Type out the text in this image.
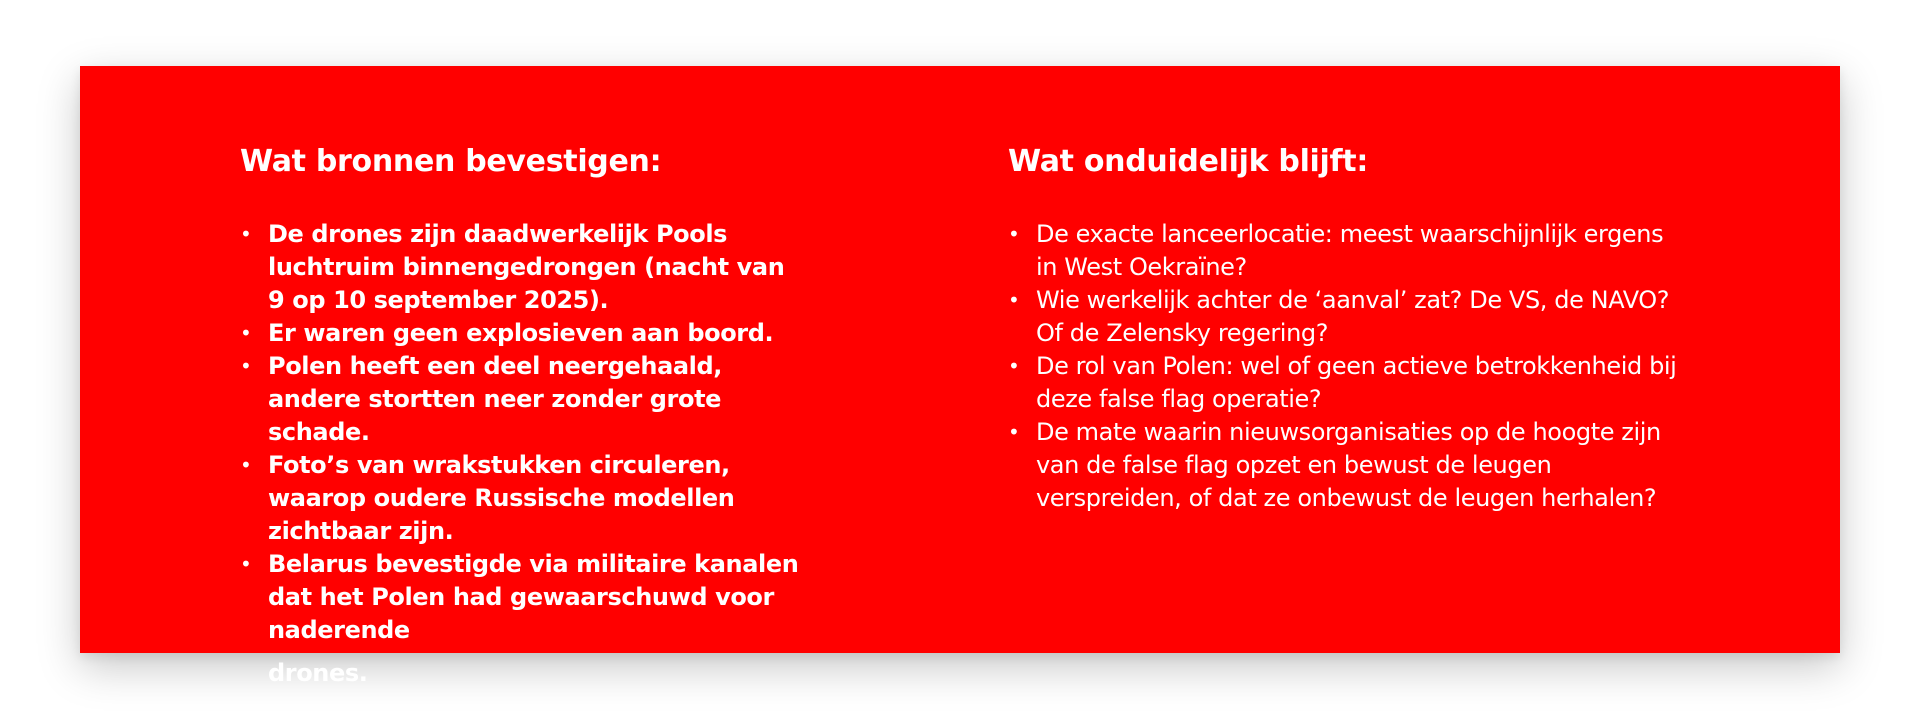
Wat bronnen bevestigen:
• De drones zijn daadwerkelijk Pools luchtruim binnengedrongen (nacht van 9 op 10 september 2025).
• Er waren geen explosieven aan boord.
• Polen heeft een deel neergehaald, andere stortten neer zonder grote schade.
• Foto’s van wrakstukken circuleren, waarop oudere Russische modellen zichtbaar zijn.
• Belarus bevestigde via militaire kanalen dat het Polen had gewaarschuwd voor naderende
drones.
Wat onduidelijk blijft:
• De exacte lanceerlocatie: meest waarschijnlijk ergens in West Oekraïne?
• Wie werkelijk achter de ‘aanval’ zat? De VS, de NAVO? Of de Zelensky regering?
• De rol van Polen: wel of geen actieve betrokkenheid bij deze false flag operatie?
• De mate waarin nieuwsorganisaties op de hoogte zijn van de false flag opzet en bewust de leugen verspreiden, of dat ze onbewust de leugen herhalen?
